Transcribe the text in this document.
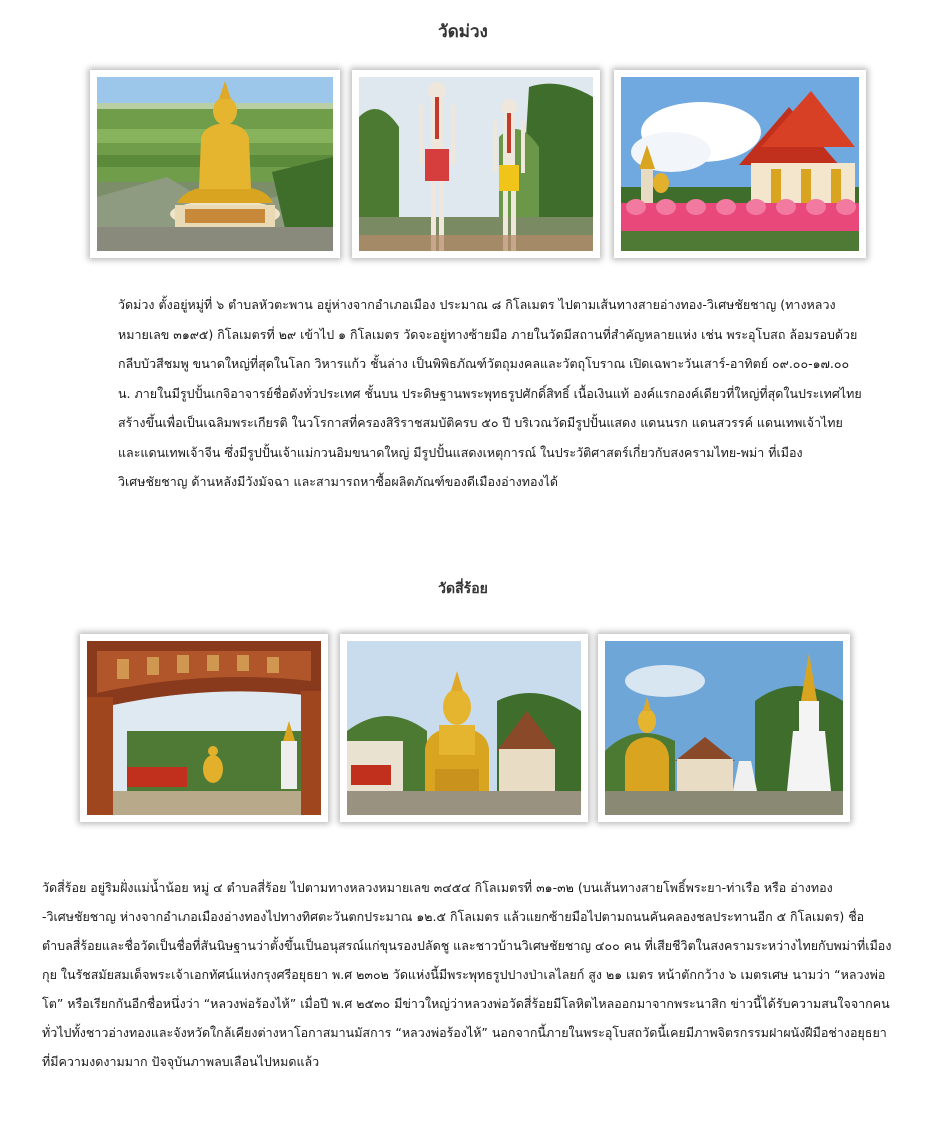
วัดม่วง

วัดม่วง ตั้งอยู่หมู่ที่ ๖ ตำบลหัวตะพาน อยู่ห่างจากอำเภอเมือง ประมาณ ๘ กิโลเมตร ไปตามเส้นทางสายอ่างทอง-วิเศษชัยชาญ (ทางหลวงหมายเลข ๓๑๙๕) กิโลเมตรที่ ๒๙ เข้าไป ๑ กิโลเมตร วัดจะอยู่ทางซ้ายมือ ภายในวัดมีสถานที่สำคัญหลายแห่ง เช่น พระอุโบสถ ล้อมรอบด้วยกลีบบัวสีชมพู ขนาดใหญ่ที่สุดในโลก วิหารแก้ว ชั้นล่าง เป็นพิพิธภัณฑ์วัตถุมงคลและวัตถุโบราณ เปิดเฉพาะวันเสาร์-อาทิตย์ ๐๙.๐๐-๑๗.๐๐ น. ภายในมีรูปปั้นเกจิอาจารย์ชื่อดังทั่วประเทศ ชั้นบน ประดิษฐานพระพุทธรูปศักดิ์สิทธิ์ เนื้อเงินแท้ องค์แรกองค์เดียวที่ใหญ่ที่สุดในประเทศไทย สร้างขึ้นเพื่อเป็นเฉลิมพระเกียรติ ในวโรกาสที่ครองสิริราชสมบัติครบ ๕๐ ปี บริเวณวัดมีรูปปั้นแสดง แดนนรก แดนสวรรค์ แดนเทพเจ้าไทย และแดนเทพเจ้าจีน ซึ่งมีรูปปั้นเจ้าแม่กวนอิมขนาดใหญ่ มีรูปปั้นแสดงเหตุการณ์ ในประวัติศาสตร์เกี่ยวกับสงครามไทย-พม่า ที่เมืองวิเศษชัยชาญ ด้านหลังมีวังมัจฉา และสามารถหาซื้อผลิตภัณฑ์ของดีเมืองอ่างทองได้

วัดสี่ร้อย

วัดสี่ร้อย อยู่ริมฝั่งแม่น้ำน้อย หมู่ ๔ ตำบลสี่ร้อย ไปตามทางหลวงหมายเลข ๓๔๕๔ กิโลเมตรที่ ๓๑-๓๒ (บนเส้นทางสายโพธิ์พระยา-ท่าเรือ หรือ อ่างทอง -วิเศษชัยชาญ ห่างจากอำเภอเมืองอ่างทองไปทางทิศตะวันตกประมาณ ๑๒.๕ กิโลเมตร แล้วแยกซ้ายมือไปตามถนนคันคลองชลประทานอีก ๕ กิโลเมตร) ชื่อตำบลสี่ร้อยและชื่อวัดเป็นชื่อที่สันนิษฐานว่าตั้งขึ้นเป็นอนุสรณ์แก่ขุนรองปลัดชู และชาวบ้านวิเศษชัยชาญ ๔๐๐ คน ที่เสียชีวิตในสงครามระหว่างไทยกับพม่าที่เมืองกุย ในรัชสมัยสมเด็จพระเจ้าเอกทัศน์แห่งกรุงศรีอยุธยา พ.ศ ๒๓๐๒ วัดแห่งนี้มีพระพุทธรูปปางป่าเลไลยก์ สูง ๒๑ เมตร หน้าตักกว้าง ๖ เมตรเศษ นามว่า “หลวงพ่อโต” หรือเรียกกันอีกชื่อหนึ่งว่า “หลวงพ่อร้องไห้” เมื่อปี พ.ศ ๒๕๓๐ มีข่าวใหญ่ว่าหลวงพ่อวัดสี่ร้อยมีโลหิตไหลออกมาจากพระนาสิก ข่าวนี้ได้รับความสนใจจากคนทั่วไปทั้งชาวอ่างทองและจังหวัดใกล้เคียงต่างหาโอกาสมานมัสการ “หลวงพ่อร้องไห้” นอกจากนี้ภายในพระอุโบสถวัดนี้เคยมีภาพจิตรกรรมฝาผนังฝีมือช่างอยุธยา ที่มีความงดงามมาก ปัจจุบันภาพลบเลือนไปหมดแล้ว
